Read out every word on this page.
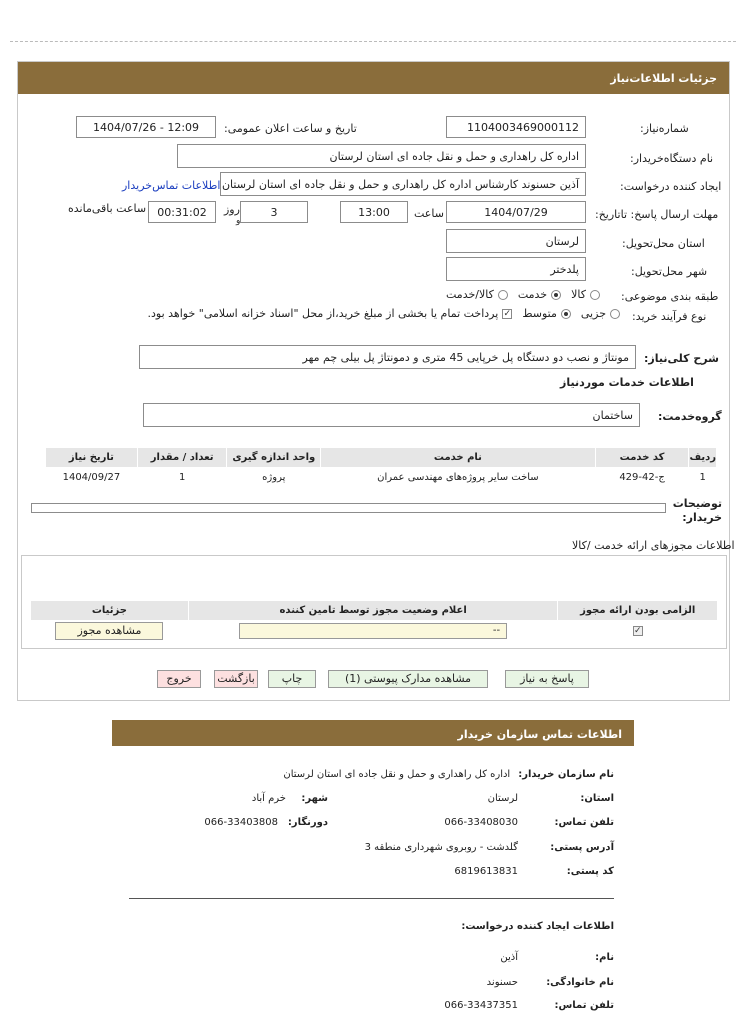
جزئیات اطلاعات‌نیاز
شماره‌نیاز:
1104003469000112
تاریخ و ساعت اعلان عمومی:
1404/07/26 - 12:09
نام دستگاه‌خریدار:
اداره کل راهداری و حمل و نقل جاده ای استان لرستان
ایجاد کننده درخواست:
آذین حسنوند کارشناس اداره کل راهداری و حمل و نقل جاده ای استان لرستان
اطلاعات تماس‌خریدار
مهلت ارسال پاسخ: تاتاریخ:
1404/07/29
ساعت
13:00
3
روز
و
00:31:02
ساعت باقی‌مانده
استان محل‌تحویل:
لرستان
شهر محل‌تحویل:
پلدختر
طبقه بندی موضوعی:
کالا
خدمت
کالا/خدمت
نوع فرآیند خرید:
جزیی
متوسط
✓
پرداخت تمام یا بخشی از مبلغ خرید،از محل "اسناد خزانه اسلامی" خواهد بود.
شرح کلی‌نیاز:
مونتاژ و نصب دو دستگاه پل خرپایی 45 متری و دمونتاژ پل بیلی چم مهر
اطلاعات خدمات موردنیاز
گروه‌خدمت:
ساختمان
ردیف	کد خدمت	نام خدمت	واحد اندازه گیری	تعداد / مقدار	تاریخ نیاز
1	ج-42-429	ساخت سایر پروژه‌های مهندسی عمران	پروژه	1	1404/09/27
توضیحات خریدار:
اطلاعات مجوزهای ارائه خدمت /کالا
الزامی بودن ارائه مجوز	اعلام وضعیت مجوز توسط تامین کننده	جزئیات
✓	--	مشاهده مجوز
پاسخ به نیاز
مشاهده مدارک پیوستی (1)
چاپ
بازگشت
خروج
اطلاعات تماس سازمان خریدار
نام سازمان خریدار:
اداره کل راهداری و حمل و نقل جاده ای استان لرستان
استان:
لرستان
شهر:
خرم آباد
تلفن تماس:
066-33408030
دورنگار:
066-33403808
آدرس پستی:
گلدشت - روبروی شهرداری منطقه 3
کد پستی:
6819613831
اطلاعات ایجاد کننده درخواست:
نام:
آذین
نام خانوادگی:
حسنوند
تلفن تماس:
066-33437351
